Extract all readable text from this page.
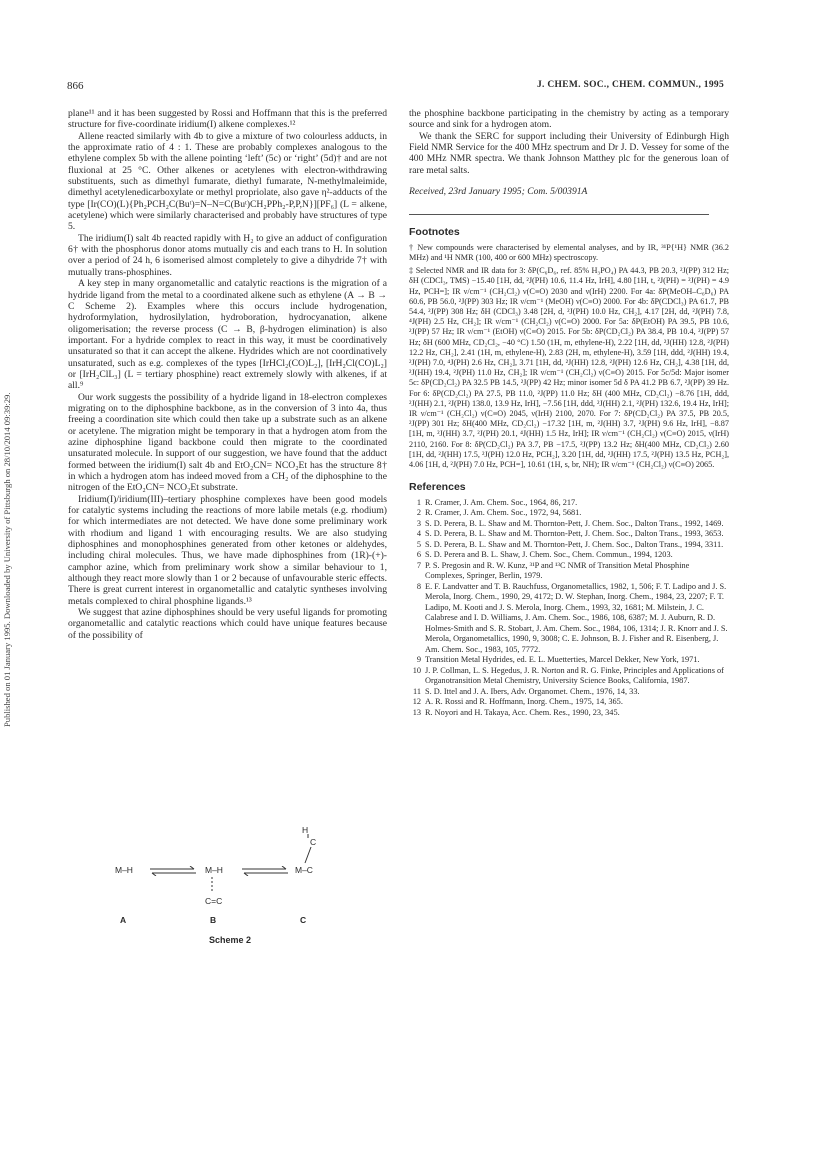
866	J. CHEM. SOC., CHEM. COMMUN., 1995
Published on 01 January 1995. Downloaded by University of Pittsburgh on 28/10/2014 09:39:29.

plane¹¹ and it has been suggested by Rossi and Hoffmann that this is the preferred structure for five-coordinate iridium(I) alkene complexes.¹²

Allene reacted similarly with 4b to give a mixture of two colourless adducts, in the approximate ratio of 4 : 1. These are probably complexes analogous to the ethylene complex 5b with the allene pointing ‘left’ (5c) or ‘right’ (5d)† and are not fluxional at 25 °C. Other alkenes or acetylenes with electron-withdrawing substituents, such as dimethyl fumarate, diethyl fumarate, N-methylmaleimide, dimethyl acetylenedicarboxylate or methyl propriolate, also gave η²-adducts of the type [Ir(CO)(L){Ph₂PCH₂C(Buᵗ)=N–N=C(Buᵗ)CH₂PPh₂-P,P,N}][PF₆] (L = alkene, acetylene) which were similarly characterised and probably have structures of type 5.

The iridium(I) salt 4b reacted rapidly with H₂ to give an adduct of configuration 6† with the phosphorus donor atoms mutually cis and each trans to H. In solution over a period of 24 h, 6 isomerised almost completely to give a dihydride 7† with mutually trans-phosphines.

A key step in many organometallic and catalytic reactions is the migration of a hydride ligand from the metal to a coordinated alkene such as ethylene (A → B → C Scheme 2). Examples where this occurs include hydrogenation, hydroformylation, hydrosilylation, hydroboration, hydrocyanation, alkene oligomerisation; the reverse process (C → B, β-hydrogen elimination) is also important. For a hydride complex to react in this way, it must be coordinatively unsaturated so that it can accept the alkene. Hydrides which are not coordinatively unsaturated, such as e.g. complexes of the types [IrHCl₂(CO)L₂], [IrH₂Cl(CO)L₂] or [IrH₂ClL₃] (L = tertiary phosphine) react extremely slowly with alkenes, if at all.⁹

Our work suggests the possibility of a hydride ligand in 18-electron complexes migrating on to the diphosphine backbone, as in the conversion of 3 into 4a, thus freeing a coordination site which could then take up a substrate such as an alkene or acetylene. The migration might be temporary in that a hydrogen atom from the azine diphosphine ligand backbone could then migrate to the coordinated unsaturated molecule. In support of our suggestion, we have found that the adduct formed between the iridium(I) salt 4b and EtO₂CN= NCO₂Et has the structure 8† in which a hydrogen atom has indeed moved from a CH₂ of the diphosphine to the nitrogen of the EtO₂CN= NCO₂Et substrate.

Iridium(I)/iridium(III)–tertiary phosphine complexes have been good models for catalytic systems including the reactions of more labile metals (e.g. rhodium) for which intermediates are not detected. We have done some preliminary work with rhodium and ligand 1 with encouraging results. We are also studying diphosphines and monophosphines generated from other ketones or aldehydes, including chiral molecules. Thus, we have made diphosphines from (1R)-(+)-camphor azine, which from preliminary work show a similar behaviour to 1, although they react more slowly than 1 or 2 because of unfavourable steric effects. There is great current interest in organometallic and catalytic syntheses involving metals complexed to chiral phosphine ligands.¹³

We suggest that azine diphosphines should be very useful ligands for promoting organometallic and catalytic reactions which could have unique features because of the possibility of

H
C
M–H	M–H	M–C
C=C
A	B	C
Scheme 2

the phosphine backbone participating in the chemistry by acting as a temporary source and sink for a hydrogen atom.

We thank the SERC for support including their University of Edinburgh High Field NMR Service for the 400 MHz spectrum and Dr J. D. Vessey for some of the 400 MHz NMR spectra. We thank Johnson Matthey plc for the generous loan of rare metal salts.

Received, 23rd January 1995; Com. 5/00391A

Footnotes

† New compounds were characterised by elemental analyses, and by IR, ³¹P{¹H} NMR (36.2 MHz) and ¹H NMR (100, 400 or 600 MHz) spectroscopy.

‡ Selected NMR and IR data for 3: δP(C₆D₆, ref. 85% H₃PO₄) PA 44.3, PB 20.3, ²J(PP) 312 Hz; δH (CDCl₃, TMS) −15.40 [1H, dd, ²J(PH) 10.6, 11.4 Hz, IrH], 4.80 [1H, t, ²J(PH) = ²J(PH) = 4.9 Hz, PCH=]; IR ν/cm⁻¹ (CH₂Cl₂) ν(C≡O) 2030 and ν(IrH) 2200. For 4a: δP(MeOH–C₆D₆) PA 60.6, PB 56.0, ²J(PP) 303 Hz; IR ν/cm⁻¹ (MeOH) ν(C≡O) 2000. For 4b: δP(CDCl₃) PA 61.7, PB 54.4, ²J(PP) 308 Hz; δH (CDCl₃) 3.48 [2H, d, ²J(PH) 10.0 Hz, CH₂], 4.17 [2H, dd, ²J(PH) 7.8, ⁴J(PH) 2.5 Hz, CH₂]; IR ν/cm⁻¹ (CH₂Cl₂) ν(C≡O) 2000. For 5a: δP(EtOH) PA 39.5, PB 10.6, ²J(PP) 57 Hz; IR ν/cm⁻¹ (EtOH) ν(C≡O) 2015. For 5b: δP(CD₂Cl₂) PA 38.4, PB 10.4, ²J(PP) 57 Hz; δH (600 MHz, CD₂Cl₂, −40 °C) 1.50 (1H, m, ethylene-H), 2.22 [1H, dd, ²J(HH) 12.8, ²J(PH) 12.2 Hz, CH₂], 2.41 (1H, m, ethylene-H), 2.83 (2H, m, ethylene-H), 3.59 [1H, ddd, ²J(HH) 19.4, ²J(PH) 7.0, ⁴J(PH) 2.6 Hz, CH₂], 3.71 [1H, dd, ²J(HH) 12.8, ²J(PH) 12.6 Hz, CH₂], 4.38 [1H, dd, ²J(HH) 19.4, ²J(PH) 11.0 Hz, CH₂]; IR ν/cm⁻¹ (CH₂Cl₂) ν(C≡O) 2015. For 5c/5d: Major isomer 5c: δP(CD₂Cl₂) PA 32.5 PB 14.5, ²J(PP) 42 Hz; minor isomer 5d δ PA 41.2 PB 6.7, ²J(PP) 39 Hz. For 6: δP(CD₂Cl₂) PA 27.5, PB 11.0, ²J(PP) 11.0 Hz; δH (400 MHz, CD₂Cl₂) −8.76 [1H, ddd, ²J(HH) 2.1, ²J(PH) 138.0, 13.9 Hz, IrH], −7.56 [1H, ddd, ²J(HH) 2.1, ²J(PH) 132.6, 19.4 Hz, IrH]; IR ν/cm⁻¹ (CH₂Cl₂) ν(C≡O) 2045, ν(IrH) 2100, 2070. For 7: δP(CD₂Cl₂) PA 37.5, PB 20.5, ²J(PP) 301 Hz; δH(400 MHz, CD₂Cl₂) −17.32 [1H, m, ²J(HH) 3.7, ²J(PH) 9.6 Hz, IrH], −8.87 [1H, m, ²J(HH) 3.7, ²J(PH) 20.1, ⁴J(HH) 1.5 Hz, IrH]; IR ν/cm⁻¹ (CH₂Cl₂) ν(C≡O) 2015, ν(IrH) 2110, 2160. For 8: δP(CD₂Cl₂) PA 3.7, PB −17.5, ²J(PP) 13.2 Hz; δH(400 MHz, CD₂Cl₂) 2.60 [1H, dd, ²J(HH) 17.5, ²J(PH) 12.0 Hz, PCH₂], 3.20 [1H, dd, ²J(HH) 17.5, ²J(PH) 13.5 Hz, PCH₂], 4.06 [1H, d, ²J(PH) 7.0 Hz, PCH=], 10.61 (1H, s, br, NH); IR ν/cm⁻¹ (CH₂Cl₂) ν(C≡O) 2065.

References
1 R. Cramer, J. Am. Chem. Soc., 1964, 86, 217.
2 R. Cramer, J. Am. Chem. Soc., 1972, 94, 5681.
3 S. D. Perera, B. L. Shaw and M. Thornton-Pett, J. Chem. Soc., Dalton Trans., 1992, 1469.
4 S. D. Perera, B. L. Shaw and M. Thornton-Pett, J. Chem. Soc., Dalton Trans., 1993, 3653.
5 S. D. Perera, B. L. Shaw and M. Thornton-Pett, J. Chem. Soc., Dalton Trans., 1994, 3311.
6 S. D. Perera and B. L. Shaw, J. Chem. Soc., Chem. Commun., 1994, 1203.
7 P. S. Pregosin and R. W. Kunz, ³¹P and ¹³C NMR of Transition Metal Phosphine Complexes, Springer, Berlin, 1979.
8 E. F. Landvatter and T. B. Rauchfuss, Organometallics, 1982, 1, 506; F. T. Ladipo and J. S. Merola, Inorg. Chem., 1990, 29, 4172; D. W. Stephan, Inorg. Chem., 1984, 23, 2207; F. T. Ladipo, M. Kooti and J. S. Merola, Inorg. Chem., 1993, 32, 1681; M. Milstein, J. C. Calabrese and I. D. Williams, J. Am. Chem. Soc., 1986, 108, 6387; M. J. Auburn, R. D. Holmes-Smith and S. R. Stobart, J. Am. Chem. Soc., 1984, 106, 1314; J. R. Knorr and J. S. Merola, Organometallics, 1990, 9, 3008; C. E. Johnson, B. J. Fisher and R. Eisenberg, J. Am. Chem. Soc., 1983, 105, 7772.
9 Transition Metal Hydrides, ed. E. L. Muetterties, Marcel Dekker, New York, 1971.
10 J. P. Collman, L. S. Hegedus, J. R. Norton and R. G. Finke, Principles and Applications of Organotransition Metal Chemistry, University Science Books, California, 1987.
11 S. D. Ittel and J. A. Ibers, Adv. Organomet. Chem., 1976, 14, 33.
12 A. R. Rossi and R. Hoffmann, Inorg. Chem., 1975, 14, 365.
13 R. Noyori and H. Takaya, Acc. Chem. Res., 1990, 23, 345.
